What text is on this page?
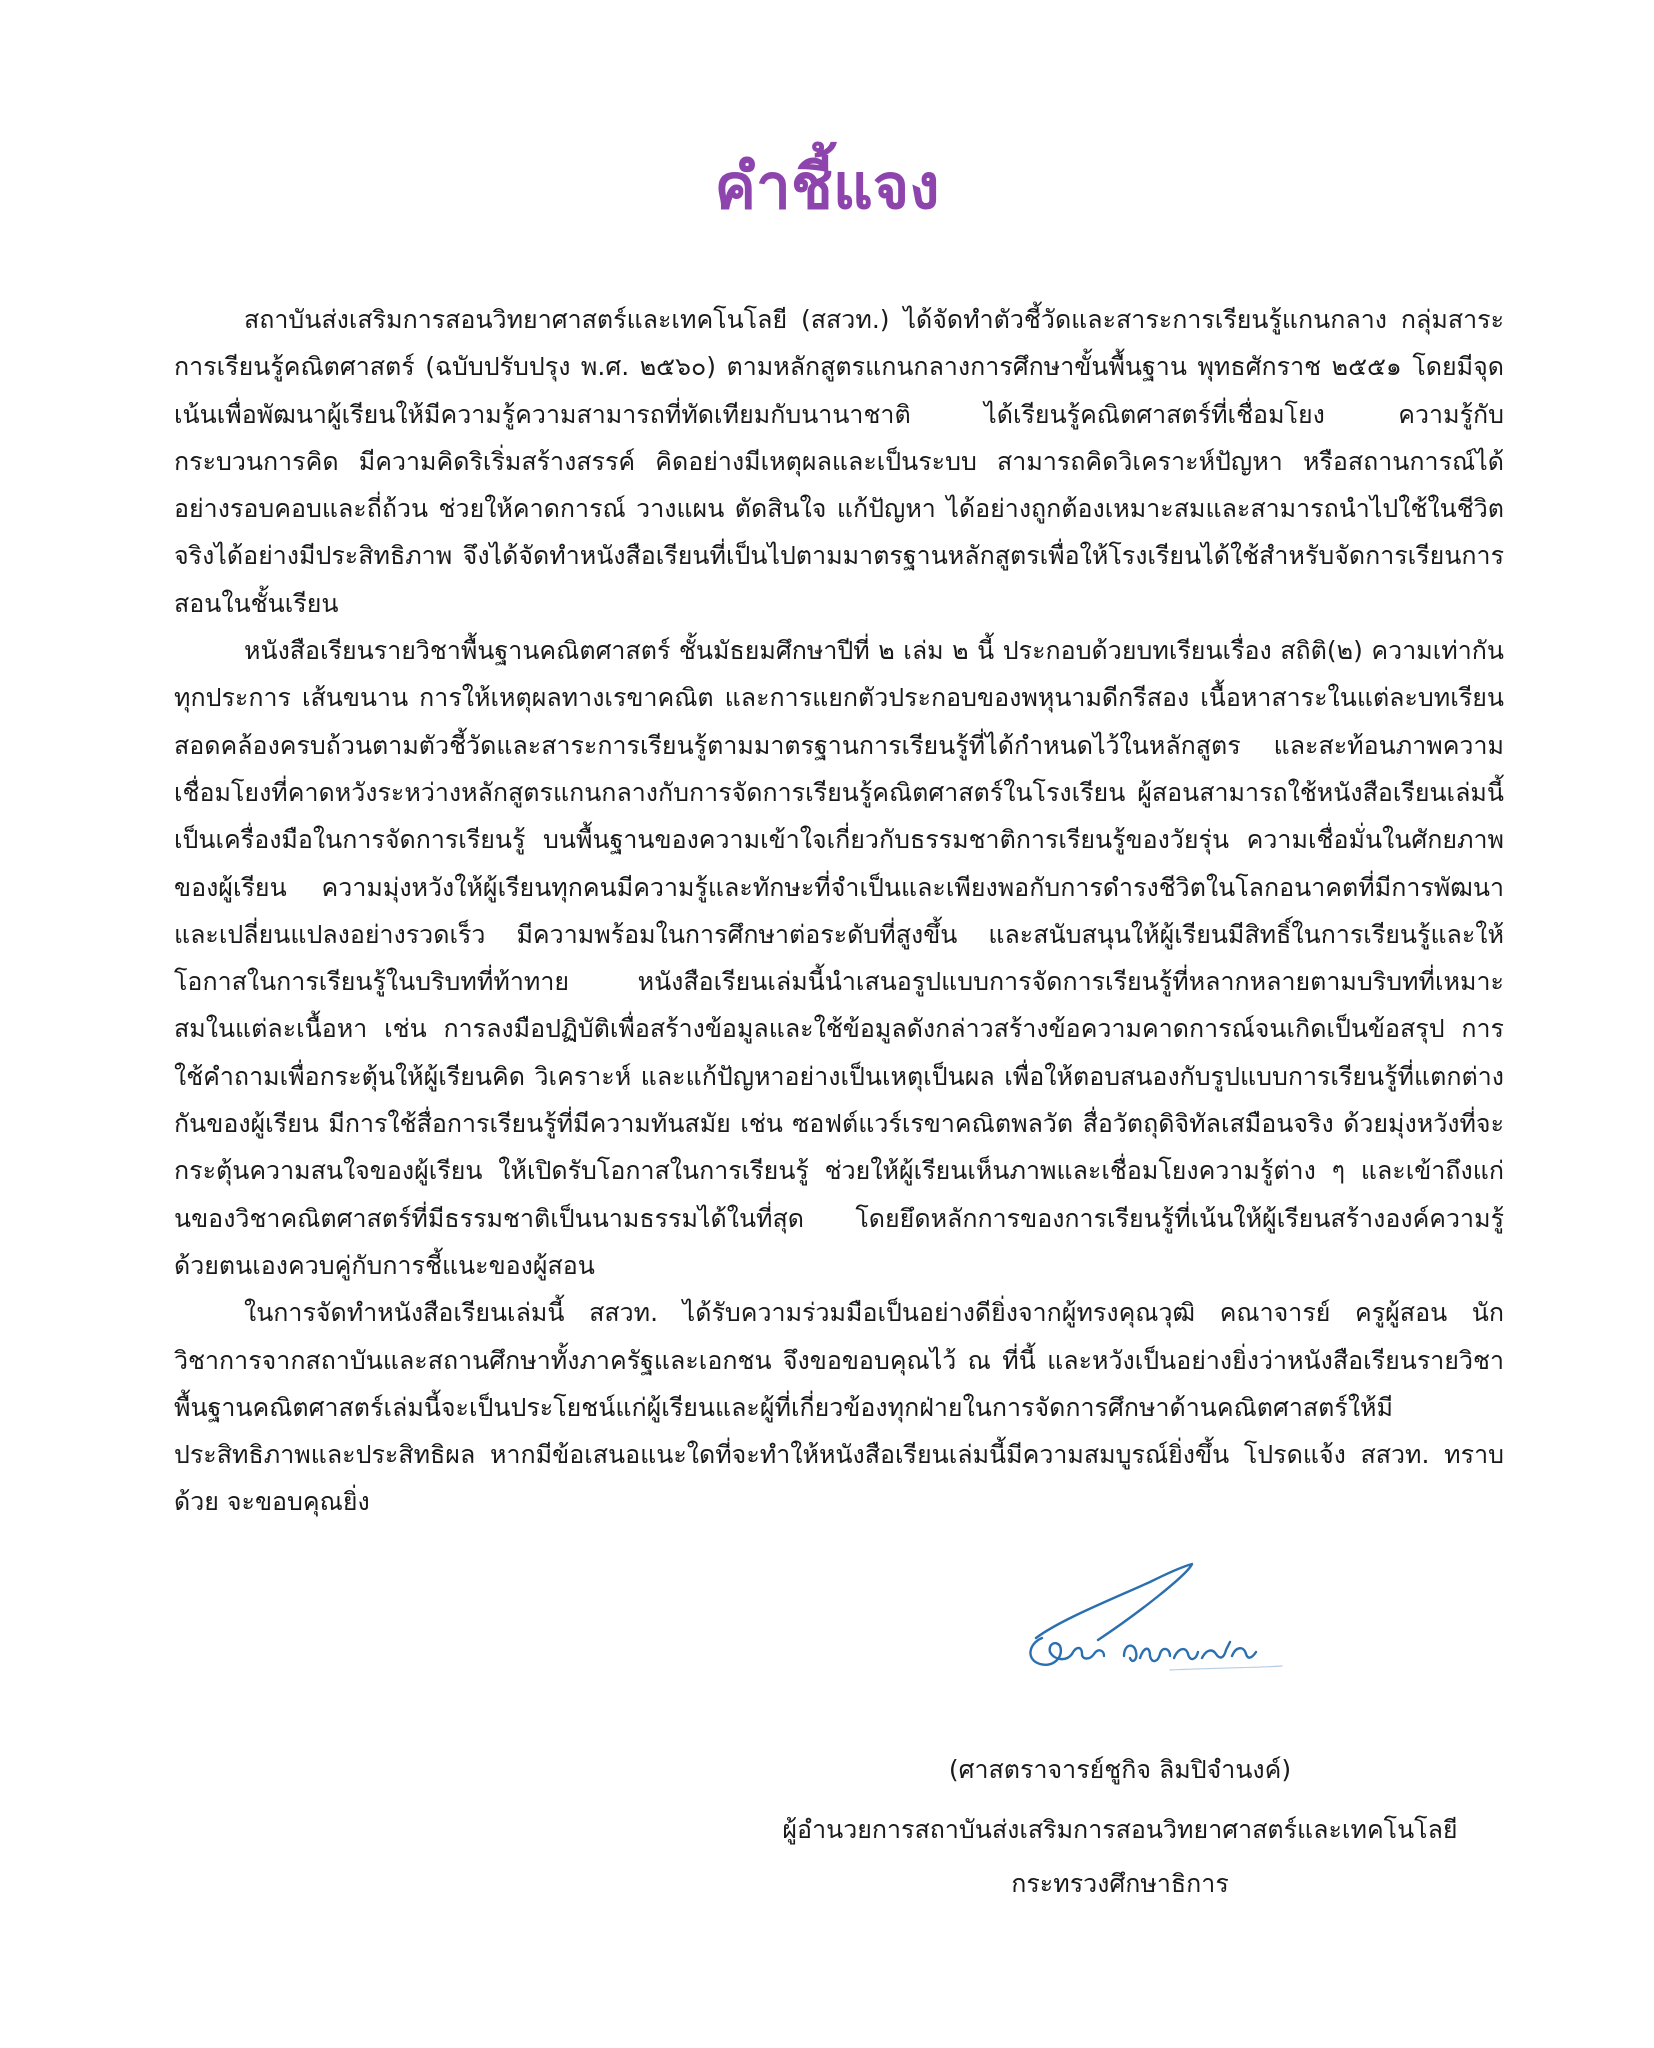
คำชี้แจง

สถาบันส่งเสริมการสอนวิทยาศาสตร์และเทคโนโลยี (สสวท.) ได้จัดทำตัวชี้วัดและสาระการเรียนรู้แกนกลาง กลุ่มสาระการเรียนรู้คณิตศาสตร์ (ฉบับปรับปรุง พ.ศ. ๒๕๖๐) ตามหลักสูตรแกนกลางการศึกษาขั้นพื้นฐาน พุทธศักราช ๒๕๕๑ โดยมีจุดเน้นเพื่อพัฒนาผู้เรียนให้มีความรู้ความสามารถที่ทัดเทียมกับนานาชาติ ได้เรียนรู้คณิตศาสตร์ที่เชื่อมโยง ความรู้กับกระบวนการคิด มีความคิดริเริ่มสร้างสรรค์ คิดอย่างมีเหตุผลและเป็นระบบ สามารถคิดวิเคราะห์ปัญหา หรือสถานการณ์ได้อย่างรอบคอบและถี่ถ้วน ช่วยให้คาดการณ์ วางแผน ตัดสินใจ แก้ปัญหา ได้อย่างถูกต้องเหมาะสมและสามารถนำไปใช้ในชีวิตจริงได้อย่างมีประสิทธิภาพ จึงได้จัดทำหนังสือเรียนที่เป็นไปตามมาตรฐานหลักสูตรเพื่อให้โรงเรียนได้ใช้สำหรับจัดการเรียนการสอนในชั้นเรียน

หนังสือเรียนรายวิชาพื้นฐานคณิตศาสตร์ ชั้นมัธยมศึกษาปีที่ ๒ เล่ม ๒ นี้ ประกอบด้วยบทเรียนเรื่อง สถิติ(๒) ความเท่ากันทุกประการ เส้นขนาน การให้เหตุผลทางเรขาคณิต และการแยกตัวประกอบของพหุนามดีกรีสอง เนื้อหาสาระในแต่ละบทเรียนสอดคล้องครบถ้วนตามตัวชี้วัดและสาระการเรียนรู้ตามมาตรฐานการเรียนรู้ที่ได้กำหนดไว้ในหลักสูตร และสะท้อนภาพความเชื่อมโยงที่คาดหวังระหว่างหลักสูตรแกนกลางกับการจัดการเรียนรู้คณิตศาสตร์ในโรงเรียน ผู้สอนสามารถใช้หนังสือเรียนเล่มนี้เป็นเครื่องมือในการจัดการเรียนรู้ บนพื้นฐานของความเข้าใจเกี่ยวกับธรรมชาติการเรียนรู้ของวัยรุ่น ความเชื่อมั่นในศักยภาพของผู้เรียน ความมุ่งหวังให้ผู้เรียนทุกคนมีความรู้และทักษะที่จำเป็นและเพียงพอกับการดำรงชีวิตในโลกอนาคตที่มีการพัฒนาและเปลี่ยนแปลงอย่างรวดเร็ว มีความพร้อมในการศึกษาต่อระดับที่สูงขึ้น และสนับสนุนให้ผู้เรียนมีสิทธิ์ในการเรียนรู้และให้โอกาสในการเรียนรู้ในบริบทที่ท้าทาย หนังสือเรียนเล่มนี้นำเสนอรูปแบบการจัดการเรียนรู้ที่หลากหลายตามบริบทที่เหมาะสมในแต่ละเนื้อหา เช่น การลงมือปฏิบัติเพื่อสร้างข้อมูลและใช้ข้อมูลดังกล่าวสร้างข้อความคาดการณ์จนเกิดเป็นข้อสรุป การใช้คำถามเพื่อกระตุ้นให้ผู้เรียนคิด วิเคราะห์ และแก้ปัญหาอย่างเป็นเหตุเป็นผล เพื่อให้ตอบสนองกับรูปแบบการเรียนรู้ที่แตกต่างกันของผู้เรียน มีการใช้สื่อการเรียนรู้ที่มีความทันสมัย เช่น ซอฟต์แวร์เรขาคณิตพลวัต สื่อวัตถุดิจิทัลเสมือนจริง ด้วยมุ่งหวังที่จะกระตุ้นความสนใจของผู้เรียน ให้เปิดรับโอกาสในการเรียนรู้ ช่วยให้ผู้เรียนเห็นภาพและเชื่อมโยงความรู้ต่าง ๆ และเข้าถึงแก่นของวิชาคณิตศาสตร์ที่มีธรรมชาติเป็นนามธรรมได้ในที่สุด โดยยึดหลักการของการเรียนรู้ที่เน้นให้ผู้เรียนสร้างองค์ความรู้ด้วยตนเองควบคู่กับการชี้แนะของผู้สอน

ในการจัดทำหนังสือเรียนเล่มนี้ สสวท. ได้รับความร่วมมือเป็นอย่างดียิ่งจากผู้ทรงคุณวุฒิ คณาจารย์ ครูผู้สอน นักวิชาการจากสถาบันและสถานศึกษาทั้งภาครัฐและเอกชน จึงขอขอบคุณไว้ ณ ที่นี้ และหวังเป็นอย่างยิ่งว่าหนังสือเรียนรายวิชาพื้นฐานคณิตศาสตร์เล่มนี้จะเป็นประโยชน์แก่ผู้เรียนและผู้ที่เกี่ยวข้องทุกฝ่ายในการจัดการศึกษาด้านคณิตศาสตร์ให้มีประสิทธิภาพและประสิทธิผล หากมีข้อเสนอแนะใดที่จะทำให้หนังสือเรียนเล่มนี้มีความสมบูรณ์ยิ่งขึ้น โปรดแจ้ง สสวท. ทราบด้วย จะขอบคุณยิ่ง

(ศาสตราจารย์ชูกิจ ลิมปิจำนงค์)
ผู้อำนวยการสถาบันส่งเสริมการสอนวิทยาศาสตร์และเทคโนโลยี
กระทรวงศึกษาธิการ
